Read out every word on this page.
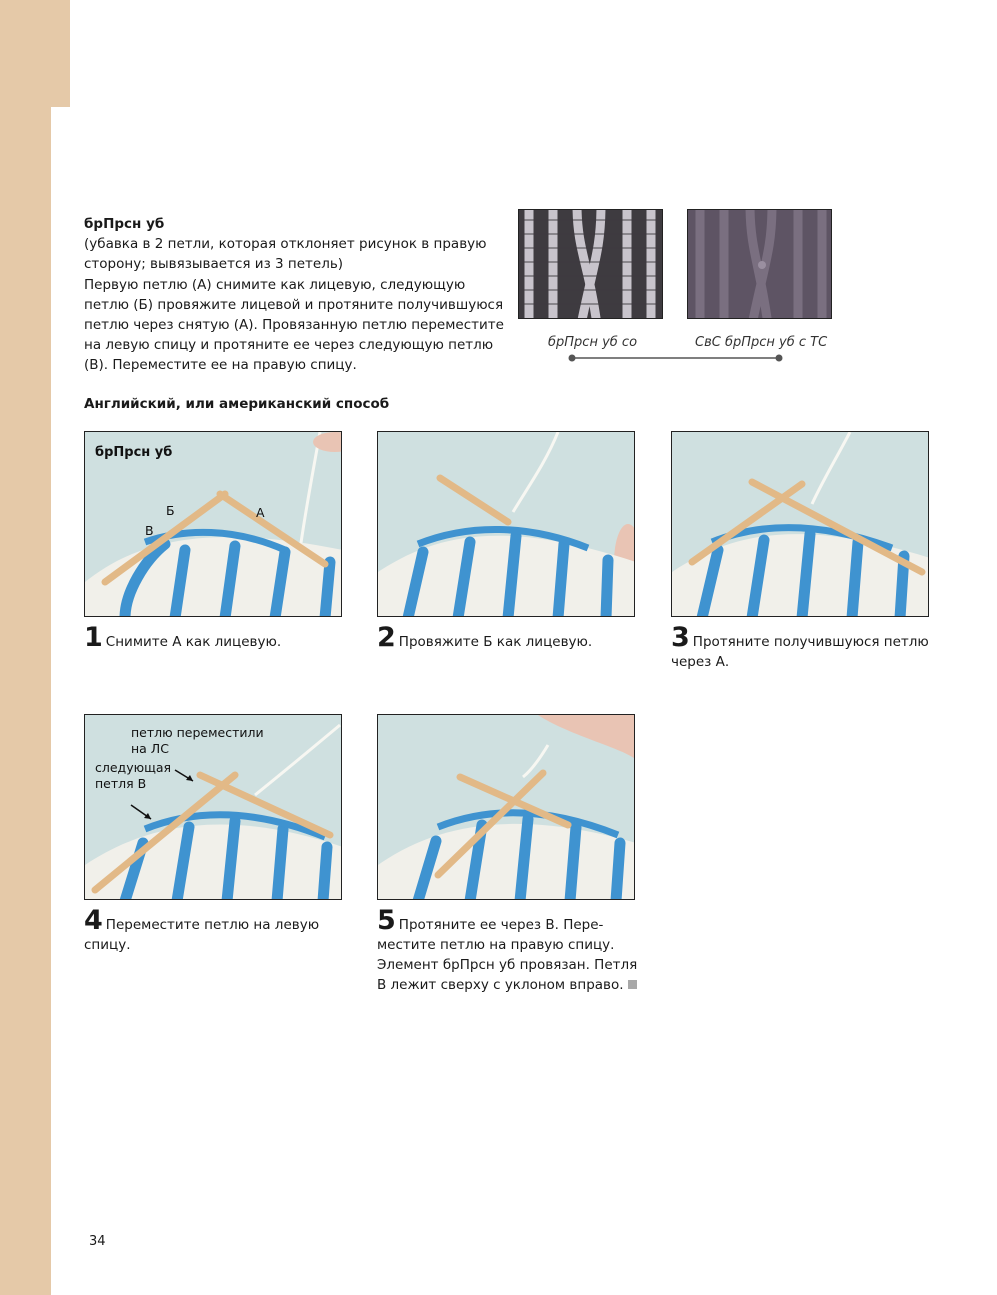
брПрсн уб
(убавка в 2 петли, которая отклоняет рисунок в правую
сторону; вывязывается из 3 петель)
Первую петлю (А) снимите как лицевую, следующую
петлю (Б) провяжите лицевой и протяните получившуюся
петлю через снятую (А). Провязанную петлю переместите
на левую спицу и протяните ее через следующую петлю
(В). Переместите ее на правую спицу.
брПрсн уб со	СвС брПрсн уб с ТС
Английский, или американский способ
брПрсн уб
Б	А
В
петлю переместили
на ЛС
следующая
петля В
1 Снимите А как лицевую.	2 Провяжите Б как лицевую.	3 Протяните получившуюся петлю через А.
4 Переместите петлю на левую спицу.
5 Протяните ее через В. Пере- местите петлю на правую спицу. Элемент брПрсн уб провязан. Петля В лежит сверху с уклоном вправо.
34
